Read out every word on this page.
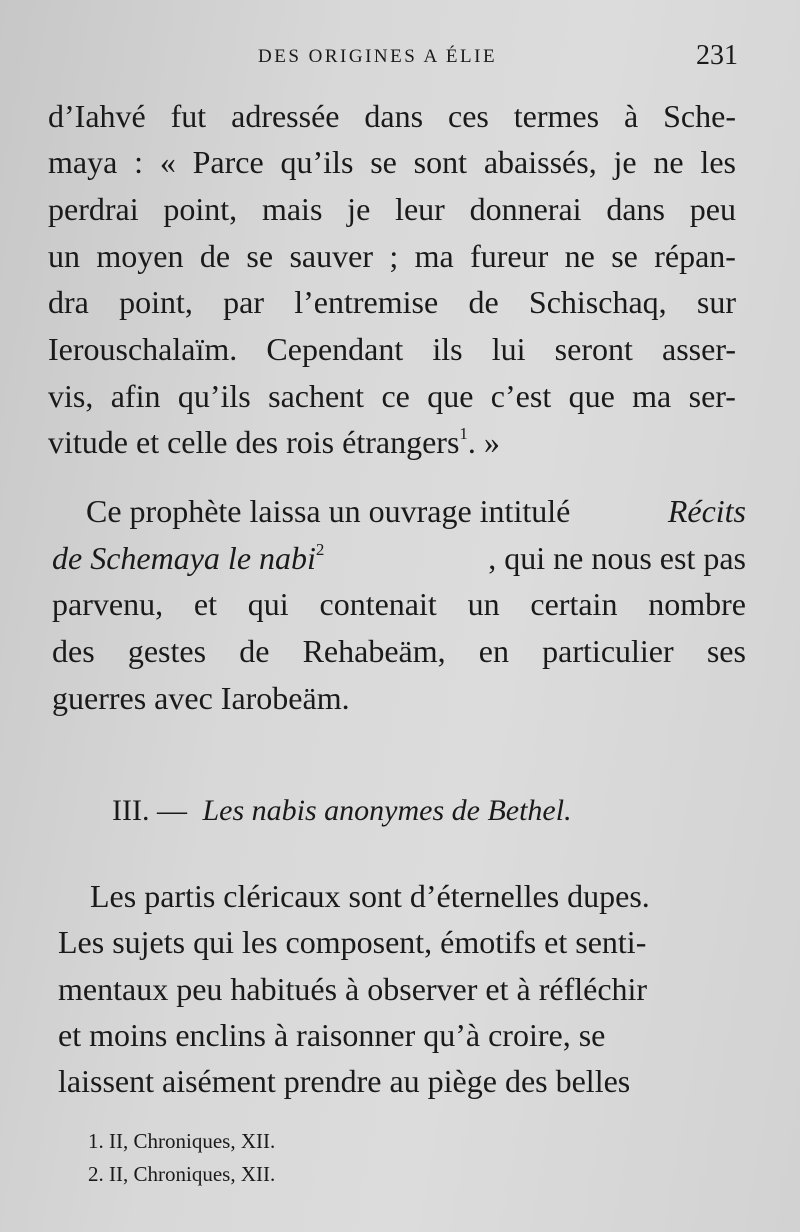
DES ORIGINES A ÉLIE	231
d’Iahvé fut adressée dans ces termes à Sche-
maya : « Parce qu’ils se sont abaissés, je ne les
perdrai point, mais je leur donnerai dans peu
un moyen de se sauver ; ma fureur ne se répan-
dra point, par l’entremise de Schischaq, sur
Ierouschalaïm. Cependant ils lui seront asser-
vis, afin qu’ils sachent ce que c’est que ma ser-
vitude et celle des rois étrangers$^1$. »
Ce prophète laissa un ouvrage intitulé	Récits
de Schemaya le nabi$^2$	, qui ne nous est pas
parvenu, et qui contenait un certain nombre
des gestes de Rehabeäm, en particulier ses
guerres avec Iarobeäm.
III. — Les nabis anonymes de Bethel.
Les partis cléricaux sont d’éternelles dupes.
Les sujets qui les composent, émotifs et senti-
mentaux peu habitués à observer et à réfléchir
et moins enclins à raisonner qu’à croire, se
laissent aisément prendre au piège des belles
1. II, Chroniques, XII.
2. II, Chroniques, XII.
